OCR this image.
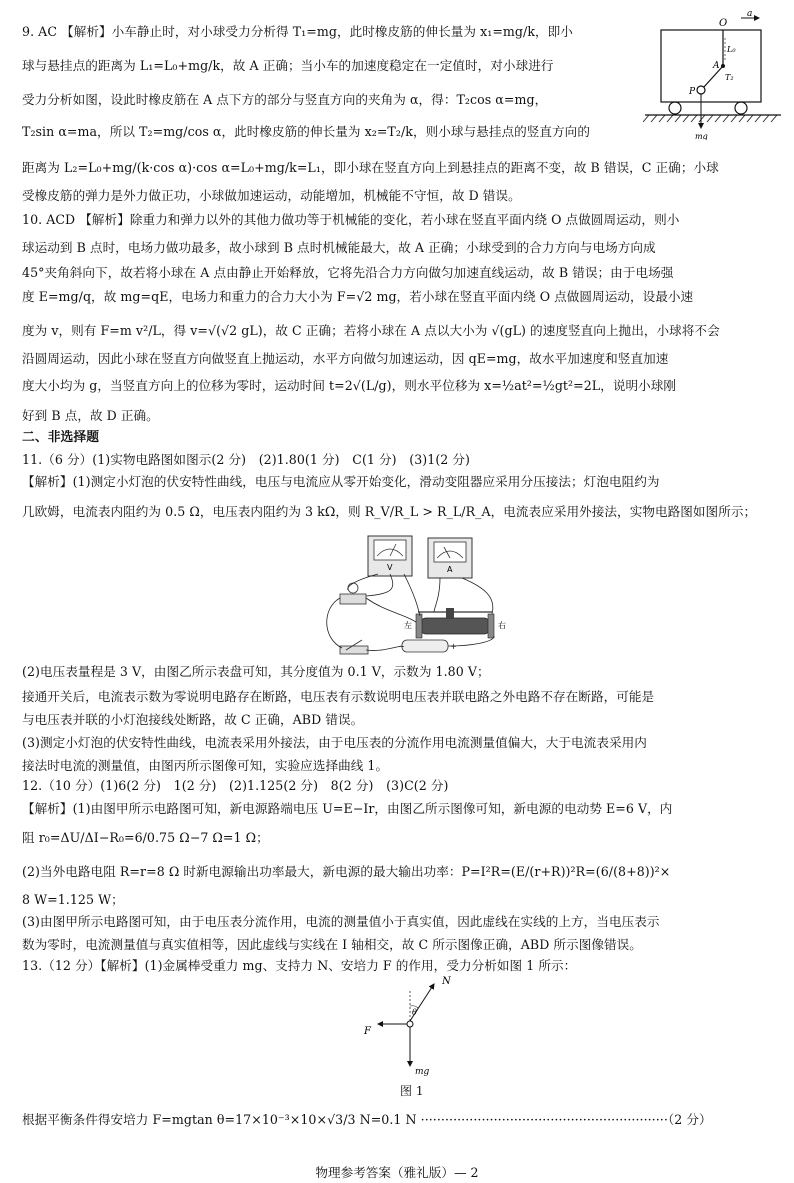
9. AC 【解析】小车静止时，对小球受力分析得 T₁=mg，此时橡皮筋的伸长量为 x₁=mg/k，即小
球与悬挂点的距离为 L₁=L₀+mg/k，故 A 正确；当小车的加速度稳定在一定值时，对小球进行
受力分析如图，设此时橡皮筋在 A 点下方的部分与竖直方向的夹角为 α，得：T₂cos α=mg，
T₂sin α=ma，所以 T₂=mg/cos α，此时橡皮筋的伸长量为 x₂=T₂/k，则小球与悬挂点的竖直方向的
距离为 L₂=L₀+mg/(k·cos α)·cos α=L₀+mg/k=L₁，即小球在竖直方向上到悬挂点的距离不变，故 B 错误，C 正确；小球
受橡皮筋的弹力是外力做正功，小球做加速运动，动能增加，机械能不守恒，故 D 错误。
O
a
L₀
A
T₂
P
mg
10. ACD 【解析】除重力和弹力以外的其他力做功等于机械能的变化，若小球在竖直平面内绕 O 点做圆周运动，则小
球运动到 B 点时，电场力做功最多，故小球到 B 点时机械能最大，故 A 正确；小球受到的合力方向与电场方向成
45°夹角斜向下，故若将小球在 A 点由静止开始释放，它将先沿合力方向做匀加速直线运动，故 B 错误；由于电场强
度 E=mg/q，故 mg=qE，电场力和重力的合力大小为 F=√2 mg，若小球在竖直平面内绕 O 点做圆周运动，设最小速
度为 v，则有 F=m v²/L，得 v=√(√2 gL)，故 C 正确；若将小球在 A 点以大小为 √(gL) 的速度竖直向上抛出，小球将不会
沿圆周运动，因此小球在竖直方向做竖直上抛运动，水平方向做匀加速运动，因 qE=mg，故水平加速度和竖直加速
度大小均为 g，当竖直方向上的位移为零时，运动时间 t=2√(L/g)，则水平位移为 x=½at²=½gt²=2L，说明小球刚
好到 B 点，故 D 正确。
二、非选择题
11.（6 分）(1)实物电路图如图示(2 分)　(2)1.80(1 分)　C(1 分)　(3)1(2 分)
【解析】(1)测定小灯泡的伏安特性曲线，电压与电流应从零开始变化，滑动变阻器应采用分压接法；灯泡电阻约为
几欧姆，电流表内阻约为 0.5 Ω，电压表内阻约为 3 kΩ，则 R_V/R_L > R_L/R_A，电流表应采用外接法，实物电路图如图所示；
V	A
左	右
−	+
(2)电压表量程是 3 V，由图乙所示表盘可知，其分度值为 0.1 V，示数为 1.80 V；
接通开关后，电流表示数为零说明电路存在断路，电压表有示数说明电压表并联电路之外电路不存在断路，可能是
与电压表并联的小灯泡接线处断路，故 C 正确，ABD 错误。
(3)测定小灯泡的伏安特性曲线，电流表采用外接法，由于电压表的分流作用电流测量值偏大，大于电流表采用内
接法时电流的测量值，由图丙所示图像可知，实验应选择曲线 1。
12.（10 分）(1)6(2 分)　1(2 分)　(2)1.125(2 分)　8(2 分)　(3)C(2 分)
【解析】(1)由图甲所示电路图可知，新电源路端电压 U=E−Ir，由图乙所示图像可知，新电源的电动势 E=6 V，内
阻 r₀=ΔU/ΔI−R₀=6/0.75 Ω−7 Ω=1 Ω；
(2)当外电路电阻 R=r=8 Ω 时新电源输出功率最大，新电源的最大输出功率：P=I²R=(E/(r+R))²R=(6/(8+8))²×
8 W=1.125 W；
(3)由图甲所示电路图可知，由于电压表分流作用，电流的测量值小于真实值，因此虚线在实线的上方，当电压表示
数为零时，电流测量值与真实值相等，因此虚线与实线在 I 轴相交，故 C 所示图像正确，ABD 所示图像错误。
13.（12 分）【解析】(1)金属棒受重力 mg、支持力 N、安培力 F 的作用，受力分析如图 1 所示：
N
F
mg
θ
图 1
根据平衡条件得安培力 F=mgtan θ=17×10⁻³×10×√3/3 N=0.1 N ·····························································（2 分）
物理参考答案（雅礼版）— 2
